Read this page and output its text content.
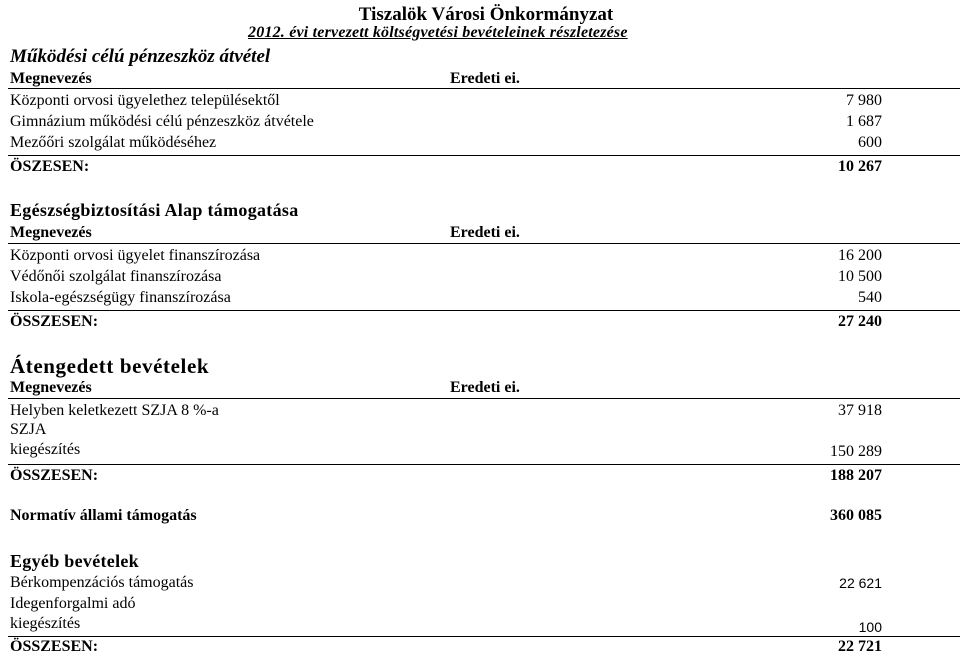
Tiszalök Városi Önkormányzat
2012. évi tervezett költségvetési bevételeinek részletezése
Működési célú pénzeszköz átvétel
Megnevezés	Eredeti ei.
Központi orvosi ügyelethez településektől	7 980
Gimnázium működési célú pénzeszköz átvétele	1 687
Mezőőri szolgálat működéséhez	600
ÖSZESEN:	10 267
Egészségbiztosítási Alap támogatása
Megnevezés	Eredeti ei.
Központi orvosi ügyelet finanszírozása	16 200
Védőnői szolgálat finanszírozása	10 500
Iskola-egészségügy finanszírozása	540
ÖSSZESEN:	27 240
Átengedett bevételek
Megnevezés	Eredeti ei.
Helyben keletkezett SZJA 8 %-a	37 918
SZJA
kiegészítés	150 289
ÖSSZESEN:	188 207
Normatív állami támogatás	360 085
Egyéb bevételek
Bérkompenzációs támogatás	22 621
Idegenforgalmi adó
kiegészítés	100
ÖSSZESEN:	22 721
